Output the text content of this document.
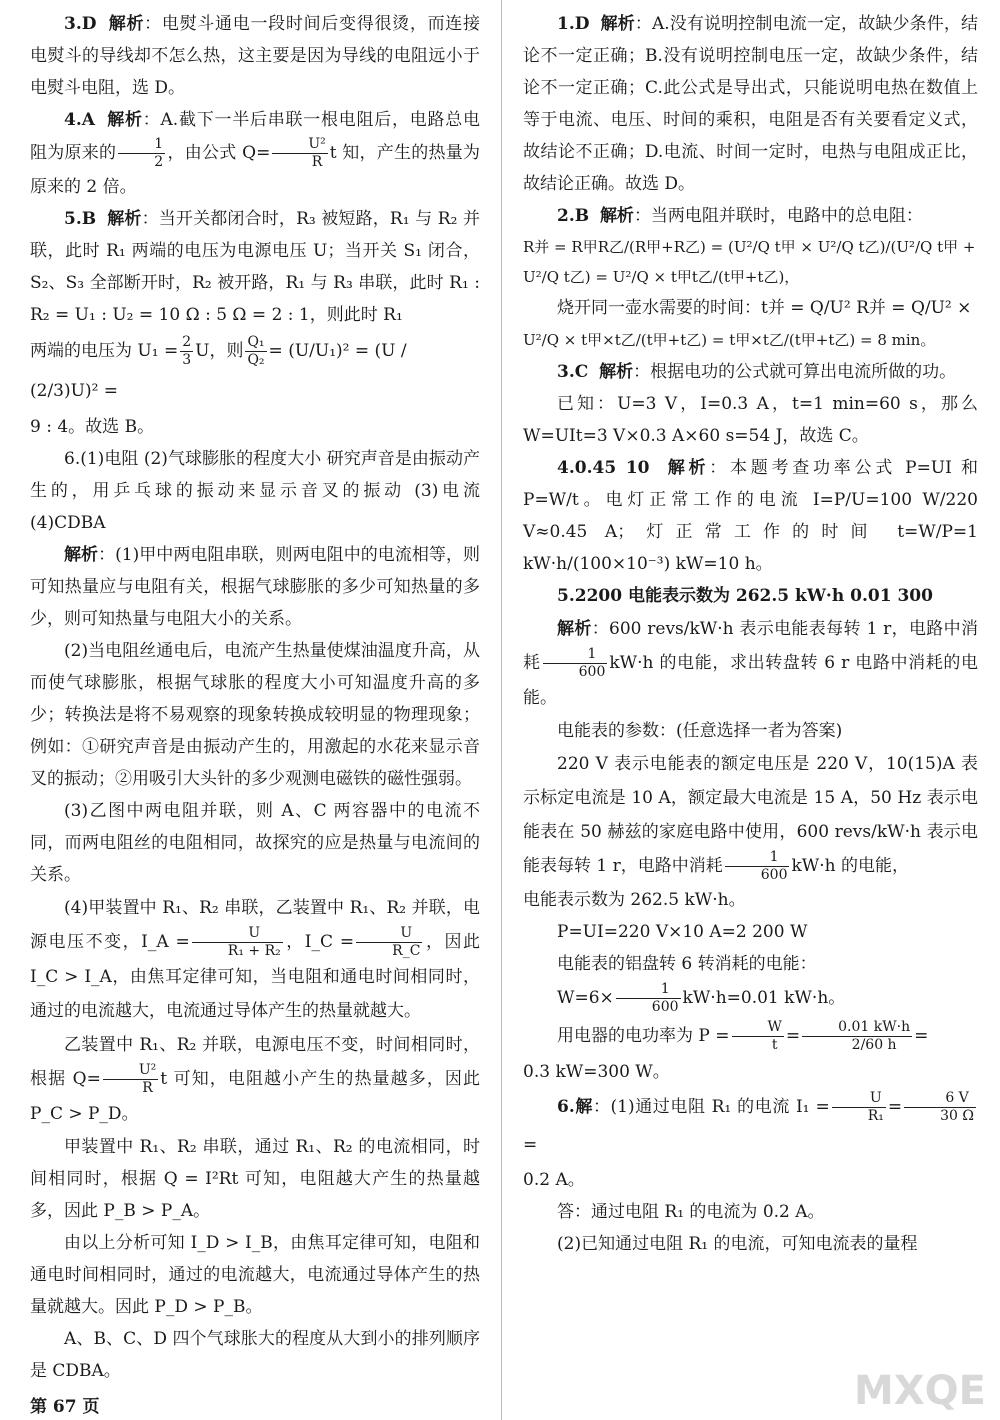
3.D 解析：电熨斗通电一段时间后变得很烫，而连接电熨斗的导线却不怎么热，这主要是因为导线的电阻远小于电熨斗电阻，选 D。

4.A 解析：A.截下一半后串联一根电阻后，电路总电阻为原来的 $\frac{1}{2}$ ，由公式 $Q= \frac{\text{U²}}{R}$ t 知，产生的热量为原来的 2 倍。

5.B 解析：当开关都闭合时，R₃ 被短路，R₁ 与 R₂ 并联，此时 R₁ 两端的电压为电源电压 U；当开关 S₁ 闭合，S₂、S₃ 全部断开时，R₂ 被开路，R₁ 与 R₃ 串联，此时 R₁ : R₂ = U₁ : U₂ = 10 Ω : 5 Ω = 2 : 1，则此时 R₁

两端的电压为 $U_1 = \frac{2}{3}$ U，则 $\frac{\text{Q₁}}{\text{Q₂}} = (U/U_1)^2 = (U / (2/3)U)^2$ =

9 : 4。故选 B。

6.(1)电阻 (2)气球膨胀的程度大小 研究声音是由振动产生的，用乒乓球的振动来显示音叉的振动 (3)电流 (4)CDBA

解析：(1)甲中两电阻串联，则两电阻中的电流相等，则可知热量应与电阻有关，根据气球膨胀的多少可知热量的多少，则可知热量与电阻大小的关系。

(2)当电阻丝通电后，电流产生热量使煤油温度升高，从而使气球膨胀，根据气球胀的程度大小可知温度升高的多少；转换法是将不易观察的现象转换成较明显的物理现象；例如：①研究声音是由振动产生的，用激起的水花来显示音叉的振动；②用吸引大头针的多少观测电磁铁的磁性强弱。

(3)乙图中两电阻并联，则 A、C 两容器中的电流不同，而两电阻丝的电阻相同，故探究的应是热量与电流间的关系。

(4)甲装置中 R₁、R₂ 串联，乙装置中 R₁、R₂ 并联，电源电压不变，I_A = $\frac{U}{\text{R₁ + R₂}}$ ，I_C = $\frac{U}{R\_C}$ ，因此 I_C > I_A，由焦耳定律可知，当电阻和通电时间相同时，通过的电流越大，电流通过导体产生的热量就越大。

乙装置中 R₁、R₂ 并联，电源电压不变，时间相同时，根据 $Q= \frac{\text{U²}}{R}$ t 可知，电阻越小产生的热量越多，因此 P_C > P_D。

甲装置中 R₁、R₂ 串联，通过 R₁、R₂ 的电流相同，时间相同时，根据 Q = I²Rt 可知，电阻越大产生的热量越多，因此 P_B > P_A。

由以上分析可知 I_D > I_B，由焦耳定律可知，电阻和通电时间相同时，通过的电流越大，电流通过导体产生的热量就越大。因此 P_D > P_B。

A、B、C、D 四个气球胀大的程度从大到小的排列顺序是 CDBA。

1.D 解析：A.没有说明控制电流一定，故缺少条件，结论不一定正确；B.没有说明控制电压一定，故缺少条件，结论不一定正确；C.此公式是导出式，只能说明电热在数值上等于电流、电压、时间的乘积，电阻是否有关要看定义式，故结论不正确；D.电流、时间一定时，电热与电阻成正比，故结论正确。故选 D。

2.B 解析：当两电阻并联时，电路中的总电阻：

R并 = R甲R乙/(R甲+R乙) = (U²/Q t甲 × U²/Q t乙)/(U²/Q t甲 + U²/Q t乙) = U²/Q × t甲t乙/(t甲+t乙)，

烧开同一壶水需要的时间：t并 = Q/U² R并 = Q/U² ×

U²/Q × t甲×t乙/(t甲+t乙) = t甲×t乙/(t甲+t乙) = 8 min。

3.C 解析：根据电功的公式就可算出电流所做的功。

已知：U=3 V，I=0.3 A，t=1 min=60 s，那么 W=UIt=3 V×0.3 A×60 s=54 J，故选 C。

4.0.45 10 解析：本题考查功率公式 P=UI 和 P=W/t。电灯正常工作的电流 I=P/U=100 W/220 V≈0.45 A；灯正常工作的时间 t=W/P=1 kW·h/(100×10⁻³) kW=10 h。

5.2200 电能表示数为 262.5 kW·h 0.01 300

解析：600 revs/kW·h 表示电能表每转 1 r，电路中消耗 $\frac{1}{600} kW\cdot h$ 的电能，求出转盘转 6 r 电路中消耗的电能。

电能表的参数：(任意选择一者为答案)

220 V 表示电能表的额定电压是 220 V，10(15)A 表示标定电流是 10 A，额定最大电流是 15 A，50 Hz 表示电能表在 50 赫兹的家庭电路中使用，600 revs/kW·h 表示电能表每转 1 r，电路中消耗 $\frac{1}{600} kW\cdot h$ 的电能，

电能表示数为 262.5 kW·h。

P=UI=220 V×10 A=2 200 W

电能表的铝盘转 6 转消耗的电能：

$W=6\times \frac{1}{600} kW\cdot h=0.01$ kW·h。

用电器的电功率为 $P = \frac{W}{t} = \frac{0.01 kW\cdot h}{2/60 h}$ =

0.3 kW=300 W。

6.解：(1)通过电阻 R₁ 的电流 $I_1 = \frac{U}{\text{R₁}} = \frac{6 V}{30 \Omega}$
=

0.2 A。

答：通过电阻 R₁ 的电流为 0.2 A。

(2)已知通过电阻 R₁ 的电流，可知电流表的量程

第 67 页	MXQE
